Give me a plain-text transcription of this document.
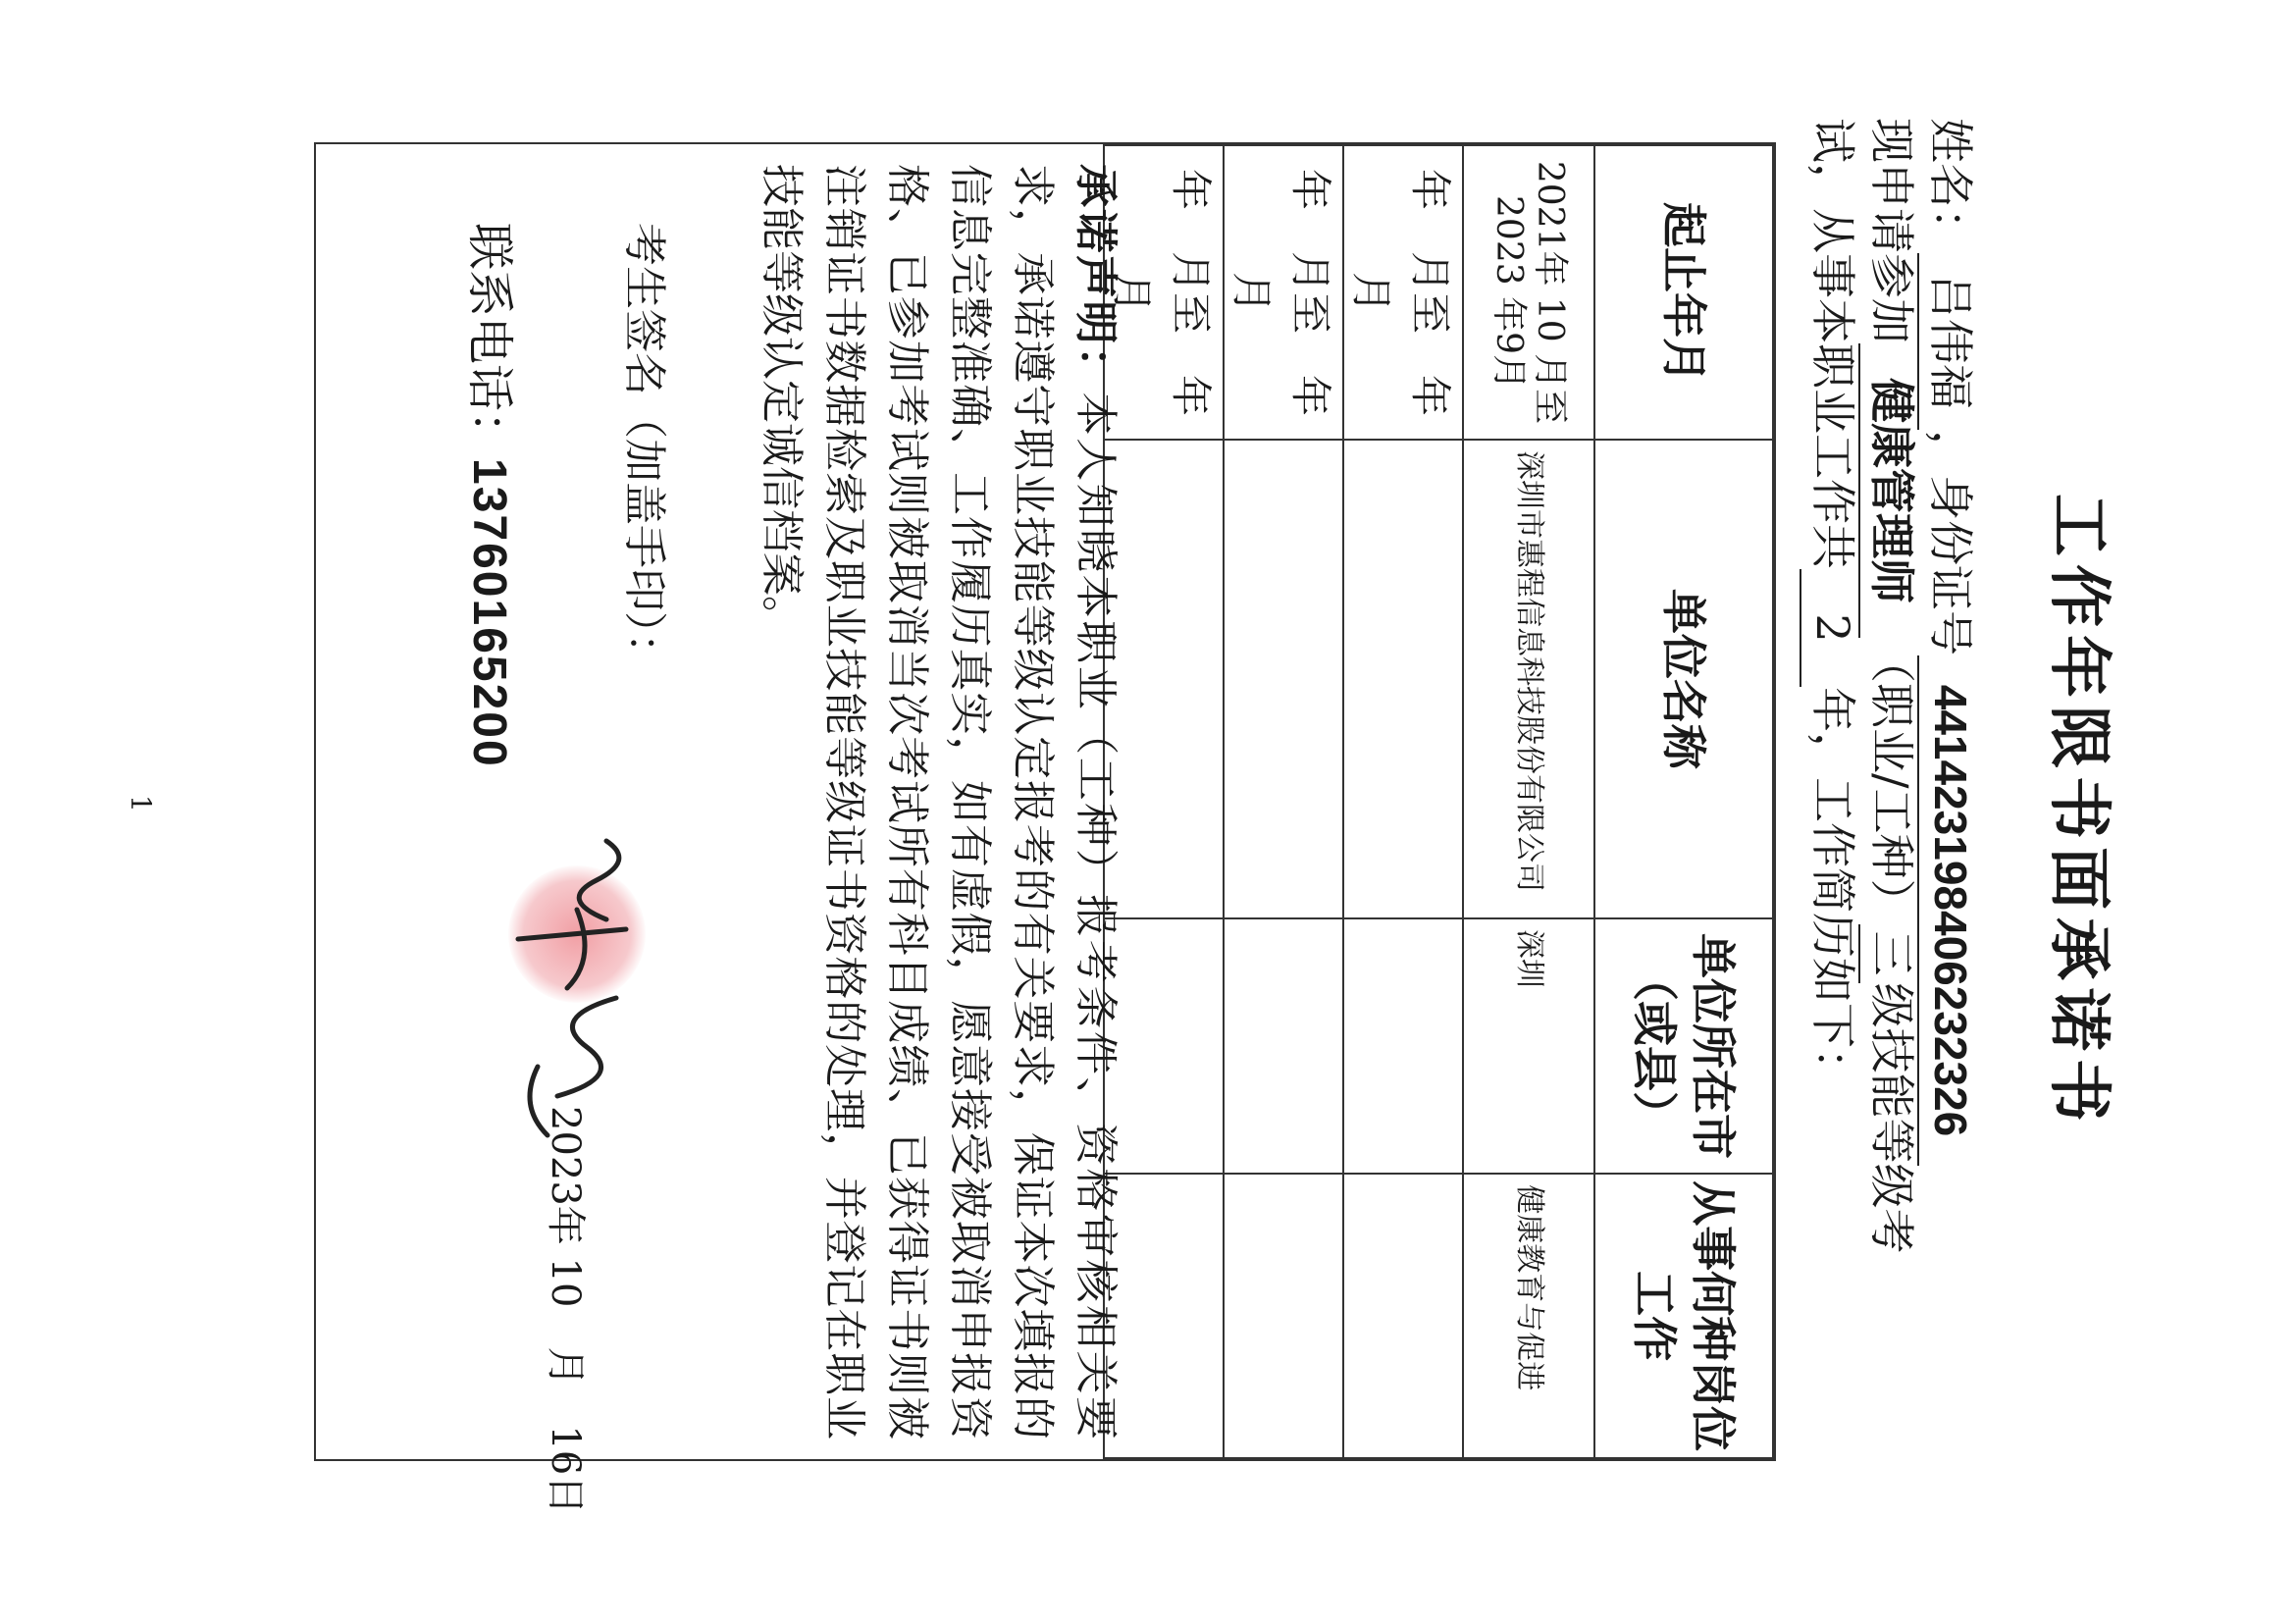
工作年限书面承诺书
姓名：吕伟福，身份证号441423198406232326
现申请参加健康管理师（职业/工种）三级技能等级考
试，从事本职业工作共2年，工作简历如下：
起止年月	单位名称	单位所在市（或县）	从事何种岗位工作
2021年 10 月至 2023 年9月	深圳市惠程信息科技股份有限公司	深圳	健康教育与促进
年　月至　年　月			
年　月至　年　月			
年　月至　年　月			
承诺声明：本人知晓本职业（工种）报考条件、资格审核相关要求，承诺遵守职业技能等级认定报考的有关要求，保证本次填报的信息完整准确、工作履历真实，如有虚假，愿意接受被取消申报资格、已参加考试则被取消当次考试所有科目成绩、已获得证书则被注销证书数据检索及职业技能等级证书资格的处理，并登记在职业技能等级认定诚信档案。
考生签名（加盖手印）：
2023年 10　月　16日
联系电话：13760165200
1
